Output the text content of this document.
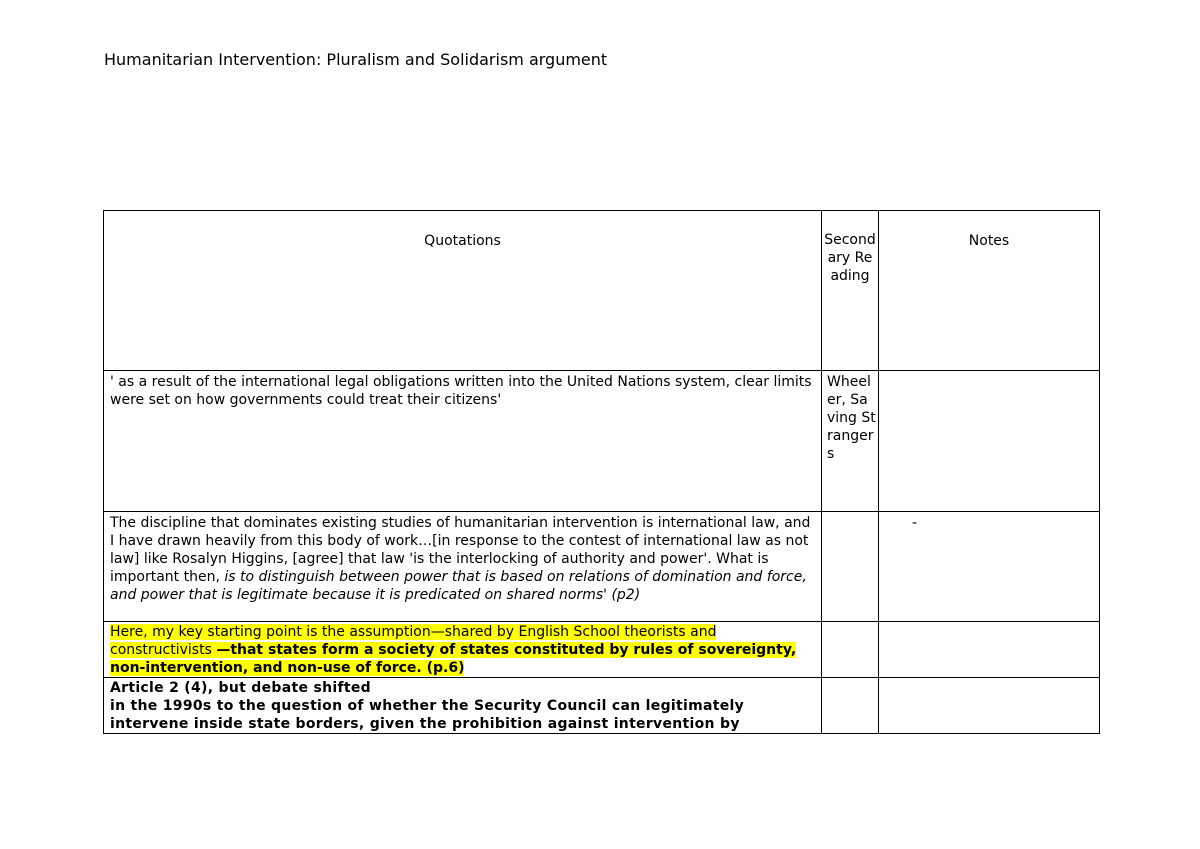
Humanitarian Intervention: Pluralism and Solidarism argument
Quotations	Secondary Reading	Notes
' as a result of the international legal obligations written into the United Nations system, clear limits were set on how governments could treat their citizens'	Wheeler, Saving Strangers	
The discipline that dominates existing studies of humanitarian intervention is international law, and I have drawn heavily from this body of work…[in response to the contest of international law as not law] like Rosalyn Higgins, [agree] that law 'is the interlocking of authority and power'. What is important then, is to distinguish between power that is based on relations of domination and force, and power that is legitimate because it is predicated on shared norms' (p2)		-
Here, my key starting point is the assumption—shared by English School theorists and constructivists —that states form a society of states constituted by rules of sovereignty, non-intervention, and non-use of force. (p.6)		

Article 2 (4), but debate shifted
in the 1990s to the question of whether the Security Council can legitimately
intervene inside state borders, given the prohibition against intervention by		
